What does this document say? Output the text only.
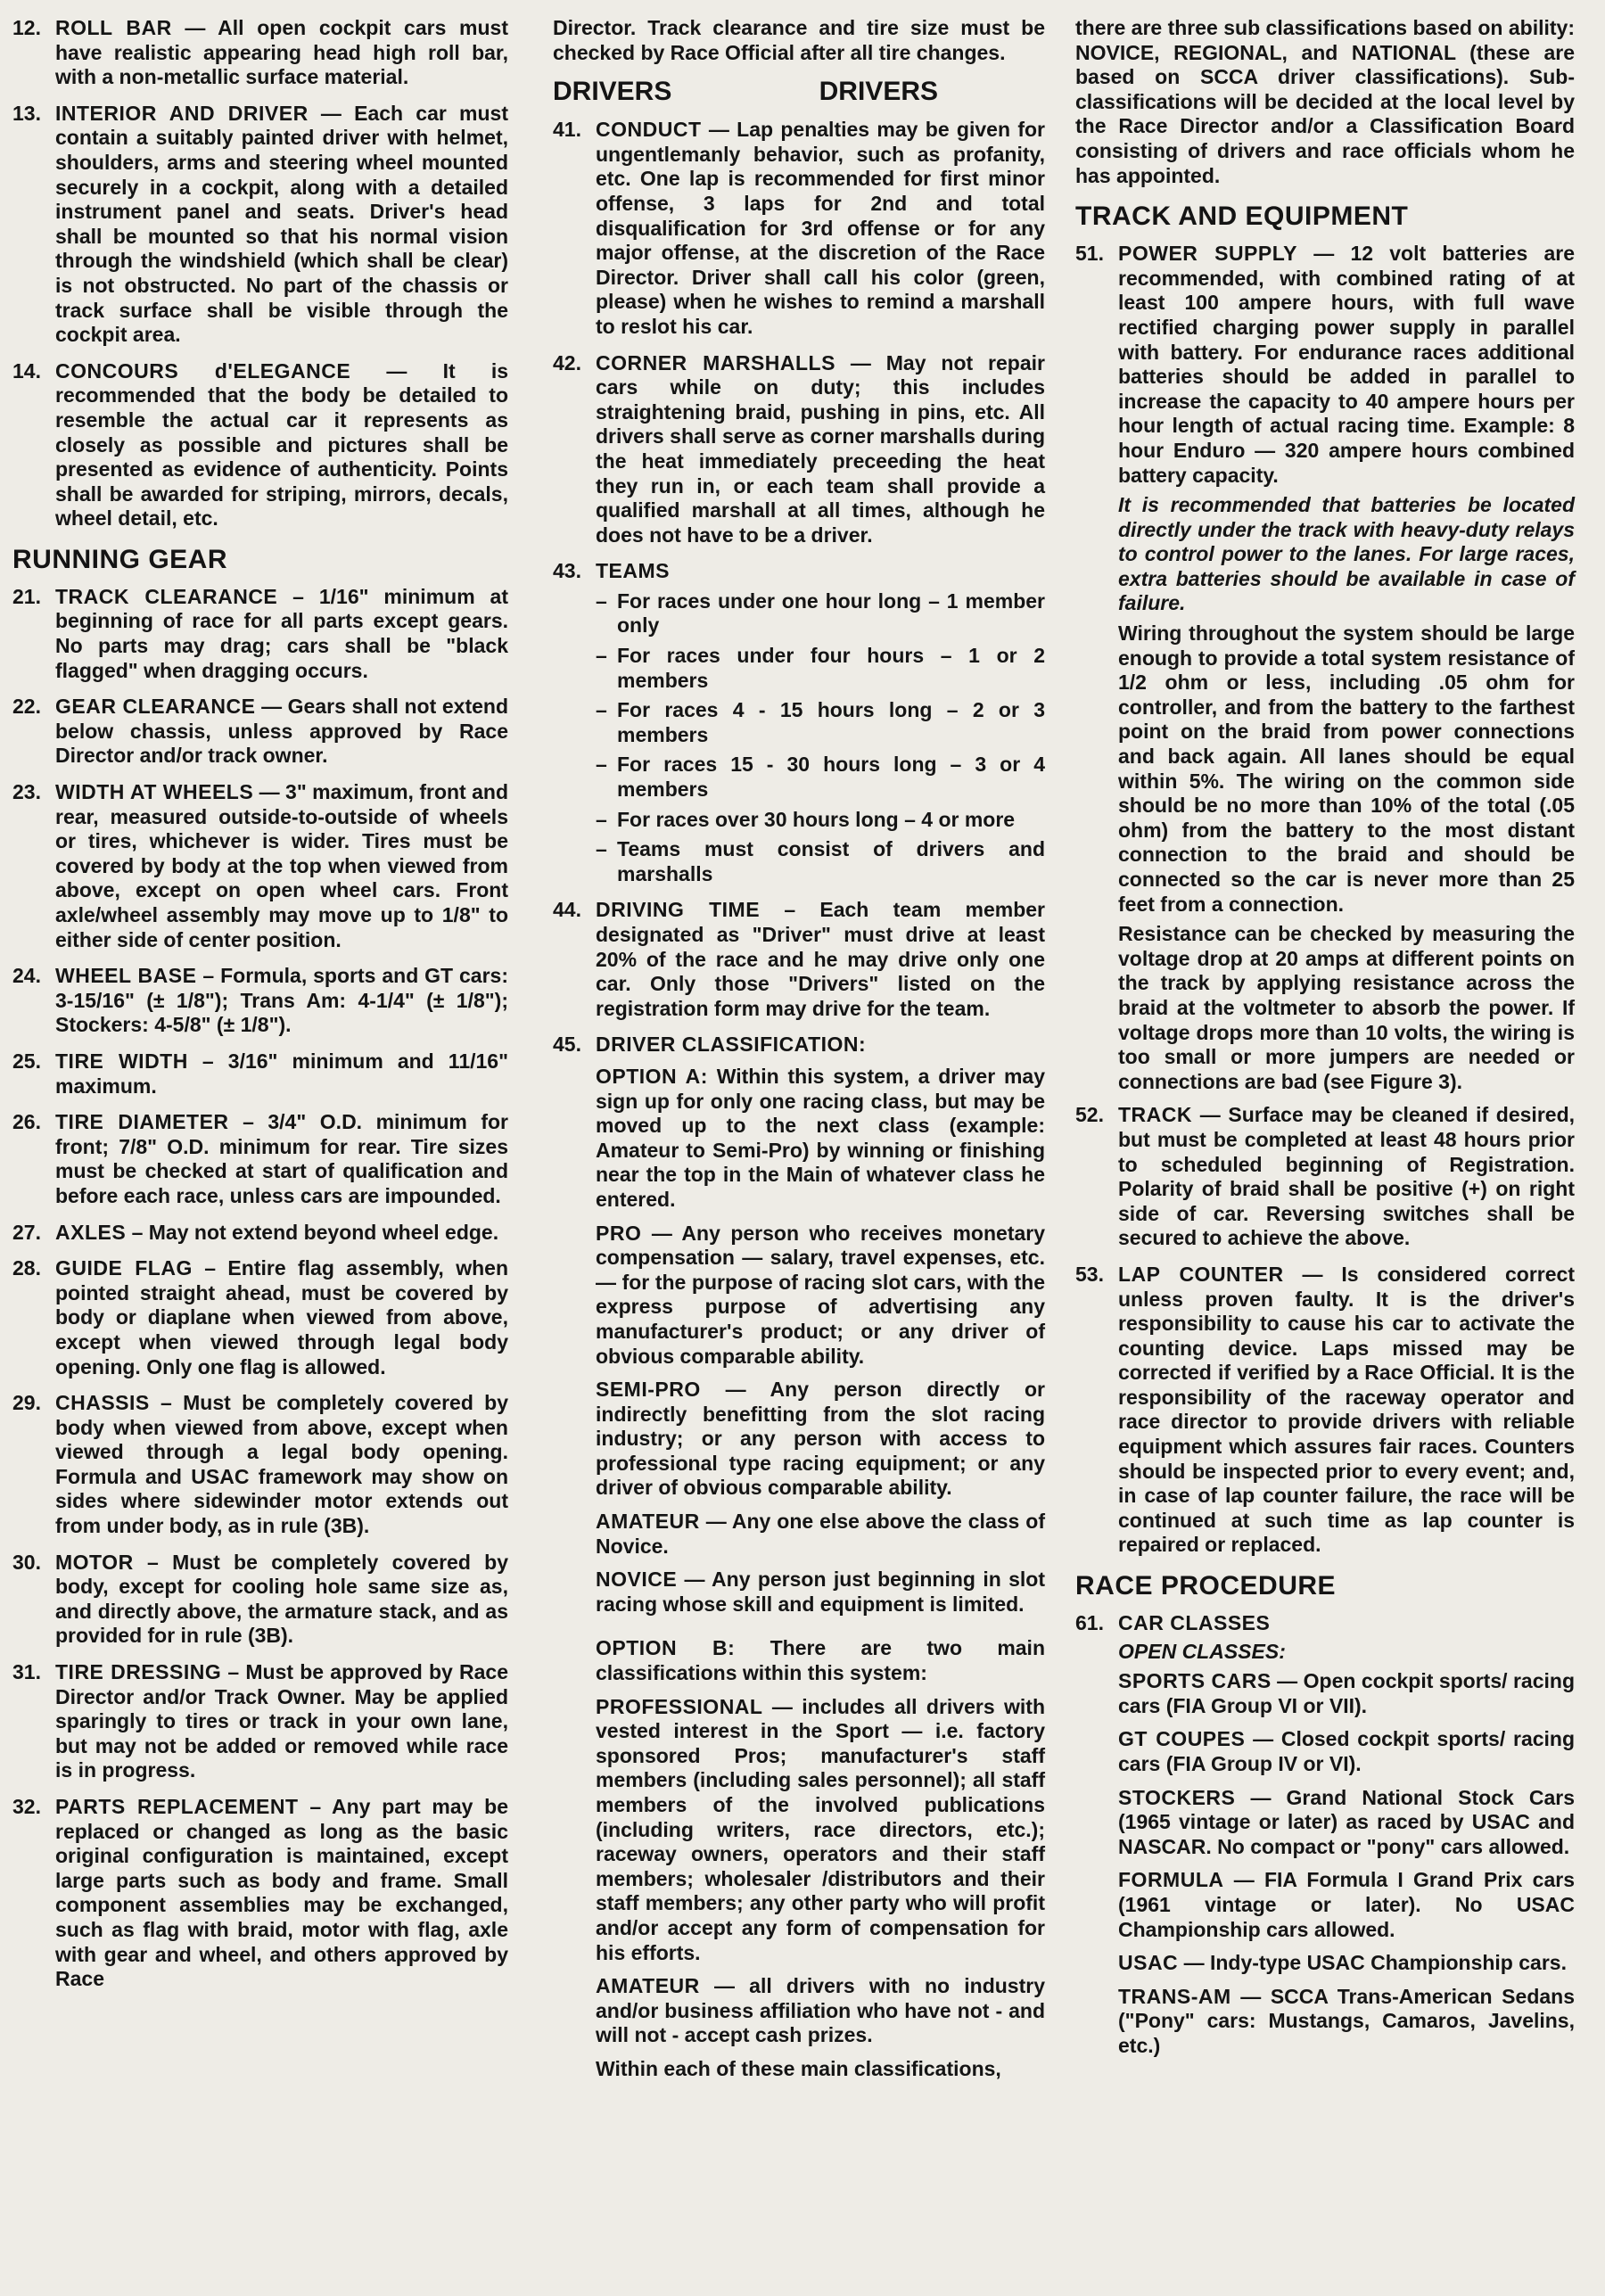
12. ROLL BAR — All open cockpit cars must have realistic appearing head high roll bar, with a non-metallic surface material.
13. INTERIOR AND DRIVER — Each car must contain a suitably painted driver with helmet, shoulders, arms and steering wheel mounted securely in a cockpit, along with a detailed instrument panel and seats. Driver's head shall be mounted so that his normal vision through the windshield (which shall be clear) is not obstructed. No part of the chassis or track surface shall be visible through the cockpit area.
14. CONCOURS d'ELEGANCE — It is recommended that the body be detailed to resemble the actual car it represents as closely as possible and pictures shall be presented as evidence of authenticity. Points shall be awarded for striping, mirrors, decals, wheel detail, etc.
RUNNING GEAR
21. TRACK CLEARANCE – 1/16" minimum at beginning of race for all parts except gears. No parts may drag; cars shall be "black flagged" when dragging occurs.
22. GEAR CLEARANCE — Gears shall not extend below chassis, unless approved by Race Director and/or track owner.
23. WIDTH AT WHEELS — 3" maximum, front and rear, measured outside-to-outside of wheels or tires, whichever is wider. Tires must be covered by body at the top when viewed from above, except on open wheel cars. Front axle/wheel assembly may move up to 1/8" to either side of center position.
24. WHEEL BASE – Formula, sports and GT cars: 3-15/16" (± 1/8"); Trans Am: 4-1/4" (± 1/8"); Stockers: 4-5/8" (± 1/8").
25. TIRE WIDTH – 3/16" minimum and 11/16" maximum.
26. TIRE DIAMETER – 3/4" O.D. minimum for front; 7/8" O.D. minimum for rear. Tire sizes must be checked at start of qualification and before each race, unless cars are impounded.
27. AXLES – May not extend beyond wheel edge.
28. GUIDE FLAG – Entire flag assembly, when pointed straight ahead, must be covered by body or diaplane when viewed from above, except when viewed through legal body opening. Only one flag is allowed.
29. CHASSIS – Must be completely covered by body when viewed from above, except when viewed through a legal body opening. Formula and USAC framework may show on sides where sidewinder motor extends out from under body, as in rule (3B).
30. MOTOR – Must be completely covered by body, except for cooling hole same size as, and directly above, the armature stack, and as provided for in rule (3B).
31. TIRE DRESSING – Must be approved by Race Director and/or Track Owner. May be applied sparingly to tires or track in your own lane, but may not be added or removed while race is in progress.
32. PARTS REPLACEMENT – Any part may be replaced or changed as long as the basic original configuration is maintained, except large parts such as body and frame. Small component assemblies may be exchanged, such as flag with braid, motor with flag, axle with gear and wheel, and others approved by Race

Director. Track clearance and tire size must be checked by Race Official after all tire changes.

DRIVERS	DRIVERS
41. CONDUCT — Lap penalties may be given for ungentlemanly behavior, such as profanity, etc. One lap is recommended for first minor offense, 3 laps for 2nd and total disqualification for 3rd offense or for any major offense, at the discretion of the Race Director. Driver shall call his color (green, please) when he wishes to remind a marshall to reslot his car.
42. CORNER MARSHALLS — May not repair cars while on duty; this includes straightening braid, pushing in pins, etc. All drivers shall serve as corner marshalls during the heat immediately preceeding the heat they run in, or each team shall provide a qualified marshall at all times, although he does not have to be a driver.
43. TEAMS
– For races under one hour long – 1 member only
– For races under four hours – 1 or 2 members
– For races 4 - 15 hours long – 2 or 3 members
– For races 15 - 30 hours long – 3 or 4 members
– For races over 30 hours long – 4 or more
– Teams must consist of drivers and marshalls
44. DRIVING TIME – Each team member designated as "Driver" must drive at least 20% of the race and he may drive only one car. Only those "Drivers" listed on the registration form may drive for the team.
45. DRIVER CLASSIFICATION:

OPTION A: Within this system, a driver may sign up for only one racing class, but may be moved up to the next class (example: Amateur to Semi-Pro) by winning or finishing near the top in the Main of whatever class he entered.

PRO — Any person who receives monetary compensation — salary, travel expenses, etc. — for the purpose of racing slot cars, with the express purpose of advertising any manufacturer's product; or any driver of obvious comparable ability.

SEMI-PRO — Any person directly or indirectly benefitting from the slot racing industry; or any person with access to professional type racing equipment; or any driver of obvious comparable ability.

AMATEUR — Any one else above the class of Novice.

NOVICE — Any person just beginning in slot racing whose skill and equipment is limited.

OPTION B: There are two main classifications within this system:

PROFESSIONAL — includes all drivers with vested interest in the Sport — i.e. factory sponsored Pros; manufacturer's staff members (including sales personnel); all staff members of the involved publications (including writers, race directors, etc.); raceway owners, operators and their staff members; wholesaler /distributors and their staff members; any other party who will profit and/or accept any form of compensation for his efforts.

AMATEUR — all drivers with no industry and/or business affiliation who have not - and will not - accept cash prizes.

Within each of these main classifications,

there are three sub classifications based on ability: NOVICE, REGIONAL, and NATIONAL (these are based on SCCA driver classifications). Sub-classifications will be decided at the local level by the Race Director and/or a Classification Board consisting of drivers and race officials whom he has appointed.

TRACK AND EQUIPMENT
51. POWER SUPPLY — 12 volt batteries are recommended, with combined rating of at least 100 ampere hours, with full wave rectified charging power supply in parallel with battery. For endurance races additional batteries should be added in parallel to increase the capacity to 40 ampere hours per hour length of actual racing time. Example: 8 hour Enduro — 320 ampere hours combined battery capacity.

It is recommended that batteries be located directly under the track with heavy-duty relays to control power to the lanes. For large races, extra batteries should be available in case of failure.

Wiring throughout the system should be large enough to provide a total system resistance of 1/2 ohm or less, including .05 ohm for controller, and from the battery to the farthest point on the braid from power connections and back again. All lanes should be equal within 5%. The wiring on the common side should be no more than 10% of the total (.05 ohm) from the battery to the most distant connection to the braid and should be connected so the car is never more than 25 feet from a connection.

Resistance can be checked by measuring the voltage drop at 20 amps at different points on the track by applying resistance across the braid at the voltmeter to absorb the power. If voltage drops more than 10 volts, the wiring is too small or more jumpers are needed or connections are bad (see Figure 3).

52. TRACK — Surface may be cleaned if desired, but must be completed at least 48 hours prior to scheduled beginning of Registration. Polarity of braid shall be positive (+) on right side of car. Reversing switches shall be secured to achieve the above.
53. LAP COUNTER — Is considered correct unless proven faulty. It is the driver's responsibility to cause his car to activate the counting device. Laps missed may be corrected if verified by a Race Official. It is the responsibility of the raceway operator and race director to provide drivers with reliable equipment which assures fair races. Counters should be inspected prior to every event; and, in case of lap counter failure, the race will be continued at such time as lap counter is repaired or replaced.
RACE PROCEDURE
61. CAR CLASSES

OPEN CLASSES:

SPORTS CARS — Open cockpit sports/ racing cars (FIA Group VI or VII).

GT COUPES — Closed cockpit sports/ racing cars (FIA Group IV or VI).

STOCKERS — Grand National Stock Cars (1965 vintage or later) as raced by USAC and NASCAR. No compact or "pony" cars allowed.

FORMULA — FIA Formula I Grand Prix cars (1961 vintage or later). No USAC Championship cars allowed.

USAC — Indy-type USAC Championship cars.

TRANS-AM — SCCA Trans-American Sedans ("Pony" cars: Mustangs, Camaros, Javelins, etc.)
